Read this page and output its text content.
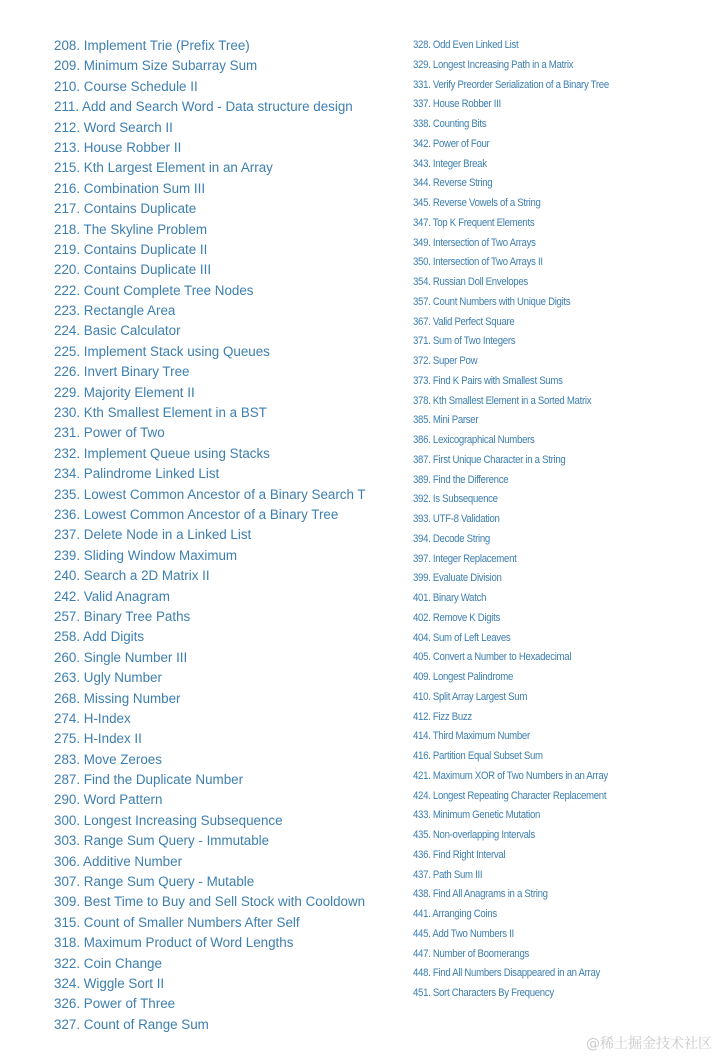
208. Implement Trie (Prefix Tree)
209. Minimum Size Subarray Sum
210. Course Schedule II
211. Add and Search Word - Data structure design
212. Word Search II
213. House Robber II
215. Kth Largest Element in an Array
216. Combination Sum III
217. Contains Duplicate
218. The Skyline Problem
219. Contains Duplicate II
220. Contains Duplicate III
222. Count Complete Tree Nodes
223. Rectangle Area
224. Basic Calculator
225. Implement Stack using Queues
226. Invert Binary Tree
229. Majority Element II
230. Kth Smallest Element in a BST
231. Power of Two
232. Implement Queue using Stacks
234. Palindrome Linked List
235. Lowest Common Ancestor of a Binary Search T
236. Lowest Common Ancestor of a Binary Tree
237. Delete Node in a Linked List
239. Sliding Window Maximum
240. Search a 2D Matrix II
242. Valid Anagram
257. Binary Tree Paths
258. Add Digits
260. Single Number III
263. Ugly Number
268. Missing Number
274. H-Index
275. H-Index II
283. Move Zeroes
287. Find the Duplicate Number
290. Word Pattern
300. Longest Increasing Subsequence
303. Range Sum Query - Immutable
306. Additive Number
307. Range Sum Query - Mutable
309. Best Time to Buy and Sell Stock with Cooldown
315. Count of Smaller Numbers After Self
318. Maximum Product of Word Lengths
322. Coin Change
324. Wiggle Sort II
326. Power of Three
327. Count of Range Sum
328. Odd Even Linked List
329. Longest Increasing Path in a Matrix
331. Verify Preorder Serialization of a Binary Tree
337. House Robber III
338. Counting Bits
342. Power of Four
343. Integer Break
344. Reverse String
345. Reverse Vowels of a String
347. Top K Frequent Elements
349. Intersection of Two Arrays
350. Intersection of Two Arrays II
354. Russian Doll Envelopes
357. Count Numbers with Unique Digits
367. Valid Perfect Square
371. Sum of Two Integers
372. Super Pow
373. Find K Pairs with Smallest Sums
378. Kth Smallest Element in a Sorted Matrix
385. Mini Parser
386. Lexicographical Numbers
387. First Unique Character in a String
389. Find the Difference
392. Is Subsequence
393. UTF-8 Validation
394. Decode String
397. Integer Replacement
399. Evaluate Division
401. Binary Watch
402. Remove K Digits
404. Sum of Left Leaves
405. Convert a Number to Hexadecimal
409. Longest Palindrome
410. Split Array Largest Sum
412. Fizz Buzz
414. Third Maximum Number
416. Partition Equal Subset Sum
421. Maximum XOR of Two Numbers in an Array
424. Longest Repeating Character Replacement
433. Minimum Genetic Mutation
435. Non-overlapping Intervals
436. Find Right Interval
437. Path Sum III
438. Find All Anagrams in a String
441. Arranging Coins
445. Add Two Numbers II
447. Number of Boomerangs
448. Find All Numbers Disappeared in an Array
451. Sort Characters By Frequency
@稀土掘金技术社区
